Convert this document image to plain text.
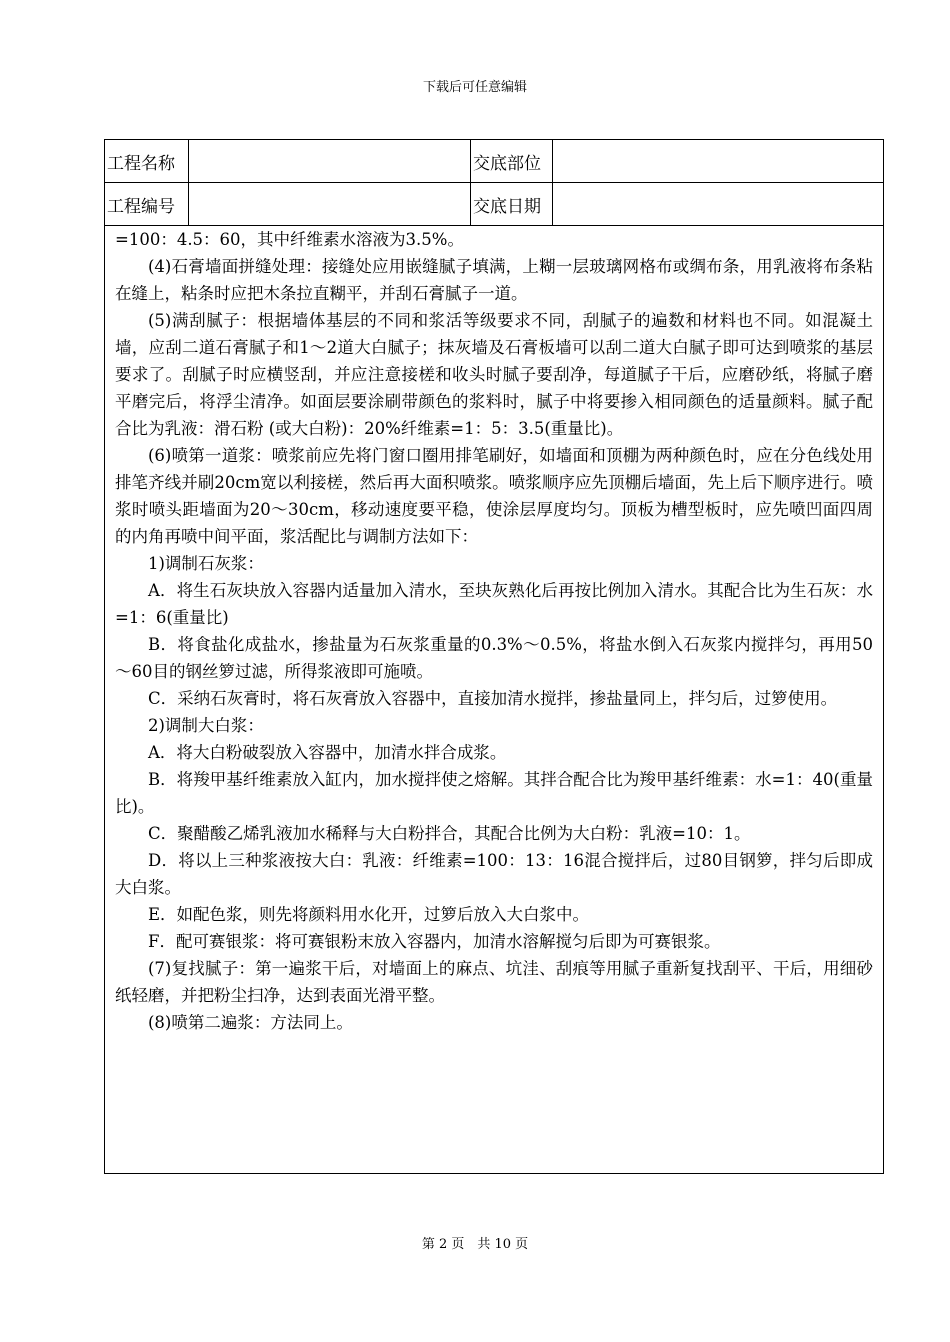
下载后可任意编辑
工程名称	交底部位
工程编号	交底日期

=100：4.5：60，其中纤维素水溶液为3.5%。

(4)石膏墙面拼缝处理：接缝处应用嵌缝腻子填满，上糊一层玻璃网格布或绸布条，用乳液将布条粘在缝上，粘条时应把木条拉直糊平，并刮石膏腻子一道。

(5)满刮腻子：根据墙体基层的不同和浆活等级要求不同，刮腻子的遍数和材料也不同。如混凝土墙，应刮二道石膏腻子和1～2道大白腻子；抹灰墙及石膏板墙可以刮二道大白腻子即可达到喷浆的基层要求了。刮腻子时应横竖刮，并应注意接槎和收头时腻子要刮净，每道腻子干后，应磨砂纸，将腻子磨平磨完后，将浮尘清净。如面层要涂刷带颜色的浆料时，腻子中将要掺入相同颜色的适量颜料。腻子配合比为乳液：滑石粉 (或大白粉)：20%纤维素=1：5：3.5(重量比)。

(6)喷第一道浆：喷浆前应先将门窗口圈用排笔刷好，如墙面和顶棚为两种颜色时，应在分色线处用排笔齐线并刷20cm宽以利接槎，然后再大面积喷浆。喷浆顺序应先顶棚后墙面，先上后下顺序进行。喷浆时喷头距墙面为20～30cm，移动速度要平稳，使涂层厚度均匀。顶板为槽型板时，应先喷凹面四周的内角再喷中间平面，浆活配比与调制方法如下：

1)调制石灰浆：

A．将生石灰块放入容器内适量加入清水，至块灰熟化后再按比例加入清水。其配合比为生石灰：水=1：6(重量比)

B．将食盐化成盐水，掺盐量为石灰浆重量的0.3%～0.5%，将盐水倒入石灰浆内搅拌匀，再用50～60目的钢丝箩过滤，所得浆液即可施喷。

C．采纳石灰膏时，将石灰膏放入容器中，直接加清水搅拌，掺盐量同上，拌匀后，过箩使用。

2)调制大白浆：

A．将大白粉破裂放入容器中，加清水拌合成浆。

B．将羧甲基纤维素放入缸内，加水搅拌使之熔解。其拌合配合比为羧甲基纤维素：水=1：40(重量比)。

C．聚醋酸乙烯乳液加水稀释与大白粉拌合，其配合比例为大白粉：乳液=10：1。

D．将以上三种浆液按大白：乳液：纤维素=100：13：16混合搅拌后，过80目钢箩，拌匀后即成大白浆。

E．如配色浆，则先将颜料用水化开，过箩后放入大白浆中。

F．配可赛银浆：将可赛银粉末放入容器内，加清水溶解搅匀后即为可赛银浆。

(7)复找腻子：第一遍浆干后，对墙面上的麻点、坑洼、刮痕等用腻子重新复找刮平、干后，用细砂纸轻磨，并把粉尘扫净，达到表面光滑平整。

(8)喷第二遍浆：方法同上。

第 2 页　共 10 页
